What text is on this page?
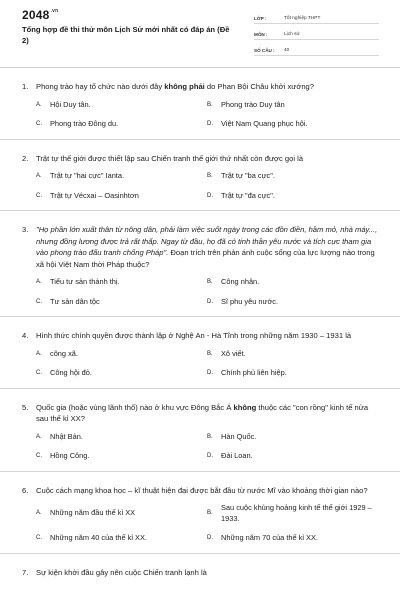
$2048^{.vn}$
Tổng hợp đề thi thử môn Lịch Sử mới nhất có đáp án (Đề 2)
LỚP :	Tốt nghiệp THPT
MÔN :	Lịch sử
SỐ CÂU :	40
1.	Phong trào hay tổ chức nào dưới đây không phải do Phan Bội Châu khởi xướng?
A.	Hội Duy tân.	B.	Phong trào Duy tân
C.	Phong trào Đông du.	D.	Việt Nam Quang phục hội.
2.	Trật tự thế giới được thiết lập sau Chiến tranh thế giới thứ nhất còn được gọi là
A.	Trật tự "hai cực" Ianta.	B.	Trật tự "ba cực".
C.	Trật tự Vécxai – Oasinhtơn	D.	Trật tự "đa cực".
3.	"Họ phần lớn xuất thân từ nông dân, phải làm việc suốt ngày trong các đồn điền, hầm mỏ, nhà máy..., nhưng đồng lương được trả rất thấp. Ngay từ đầu, họ đã có tinh thần yêu nước và tích cực tham gia vào phong trào đấu tranh chống Pháp". Đoạn trích trên phản ánh cuộc sống của lực lượng nào trong xã hội Việt Nam thời Pháp thuộc?
A.	Tiểu tư sản thành thị.	B.	Công nhân.
C.	Tư sản dân tộc	D.	Sĩ phu yêu nước.
4.	Hình thức chính quyền được thành lập ở Nghệ An - Hà Tĩnh trong những năm 1930 – 1931 là
A.	công xã.	B.	Xô viết.
C.	Công hội đỏ.	D.	Chính phủ liên hiệp.
5.	Quốc gia (hoặc vùng lãnh thổ) nào ở khu vực Đông Bắc Á không thuộc các "con rồng" kinh tế nửa sau thế kỉ XX?
A.	Nhật Bản.	B.	Hàn Quốc.
C.	Hồng Công.	D.	Đài Loan.
6.	Cuộc cách mạng khoa học – kĩ thuật hiện đại được bắt đầu từ nước Mĩ vào khoảng thời gian nào?
A.	Những năm đầu thế kỉ XX	B.
Sau cuộc khủng hoảng kinh tế thế giới 1929 – 1933.
C.	Những năm 40 của thế kỉ XX.	D.	Những năm 70 của thế kỉ XX.
7.	Sự kiện khởi đầu gây nên cuộc Chiến tranh lạnh là
